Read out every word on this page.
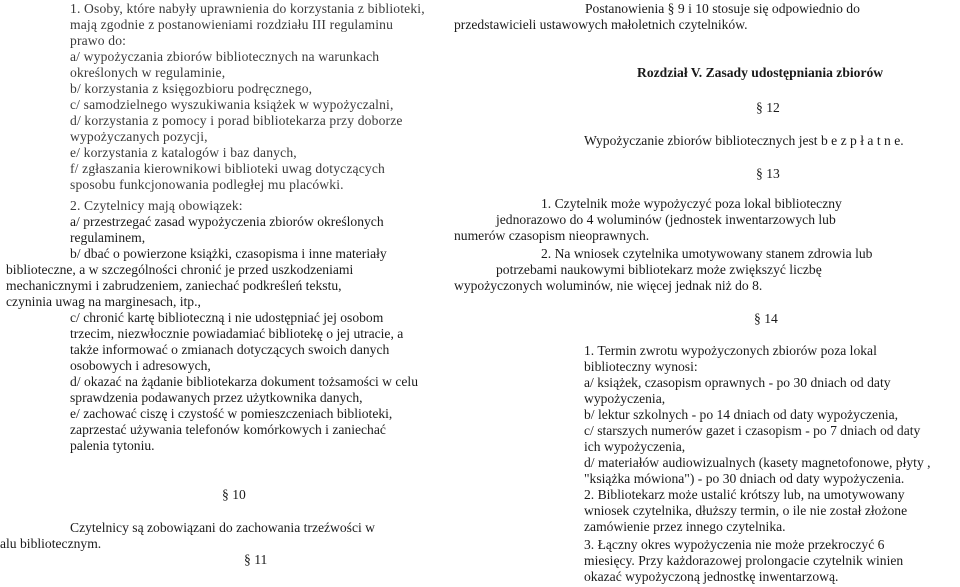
1. Osoby, które nabyły uprawnienia do korzystania z biblioteki,
mają zgodnie z postanowieniami rozdziału III regulaminu
prawo do:
a/ wypożyczania zbiorów bibliotecznych na warunkach
określonych w regulaminie,
b/ korzystania z księgozbioru podręcznego,
c/ samodzielnego wyszukiwania książek w wypożyczalni,
d/ korzystania z pomocy i porad bibliotekarza przy doborze
wypożyczanych pozycji,
e/ korzystania z katalogów i baz danych,
f/ zgłaszania kierownikowi biblioteki uwag dotyczących
sposobu funkcjonowania podległej mu placówki.
2. Czytelnicy mają obowiązek:
a/ przestrzegać zasad wypożyczenia zbiorów określonych
regulaminem,
b/ dbać o powierzone książki, czasopisma i inne materiały
biblioteczne, a w szczególności chronić je przed uszkodzeniami
mechanicznymi i zabrudzeniem, zaniechać podkreśleń tekstu,
czyninia uwag na marginesach, itp.,
c/ chronić kartę biblioteczną i nie udostępniać jej osobom
trzecim, niezwłocznie powiadamiać bibliotekę o jej utracie, a
także informować o zmianach dotyczących swoich danych
osobowych i adresowych,
d/ okazać na żądanie bibliotekarza dokument tożsamości w celu
sprawdzenia podawanych przez użytkownika danych,
e/ zachować ciszę i czystość w pomieszczeniach biblioteki,
zaprzestać używania telefonów komórkowych i zaniechać
palenia tytoniu.
§ 10
Czytelnicy są zobowiązani do zachowania trzeźwości w
alu bibliotecznym.
§ 11
Postanowienia § 9 i 10 stosuje się odpowiednio do
przedstawicieli ustawowych małoletnich czytelników.
Rozdział V. Zasady udostępniania zbiorów
§ 12
Wypożyczanie zbiorów bibliotecznych jest b e z p ł a t n e.
§ 13
1. Czytelnik może wypożyczyć poza lokal biblioteczny
jednorazowo do 4 woluminów (jednostek inwentarzowych lub
numerów czasopism nieoprawnych.
2. Na wniosek czytelnika umotywowany stanem zdrowia lub
potrzebami naukowymi bibliotekarz może zwiększyć liczbę
wypożyczonych woluminów, nie więcej jednak niż do 8.
§ 14
1. Termin zwrotu wypożyczonych zbiorów poza lokal
biblioteczny wynosi:
a/ książek, czasopism oprawnych - po 30 dniach od daty
wypożyczenia,
b/ lektur szkolnych - po 14 dniach od daty wypożyczenia,
c/ starszych numerów gazet i czasopism - po 7 dniach od daty
ich wypożyczenia,
d/ materiałów audiowizualnych (kasety magnetofonowe, płyty ,
"książka mówiona") - po 30 dniach od daty wypożyczenia.
2. Bibliotekarz może ustalić krótszy lub, na umotywowany
wniosek czytelnika, dłuższy termin, o ile nie został złożone
zamówienie przez innego czytelnika.
3. Łączny okres wypożyczenia nie może przekroczyć 6
miesięcy. Przy każdorazowej prolongacie czytelnik winien
okazać wypożyczoną jednostkę inwentarzową.
